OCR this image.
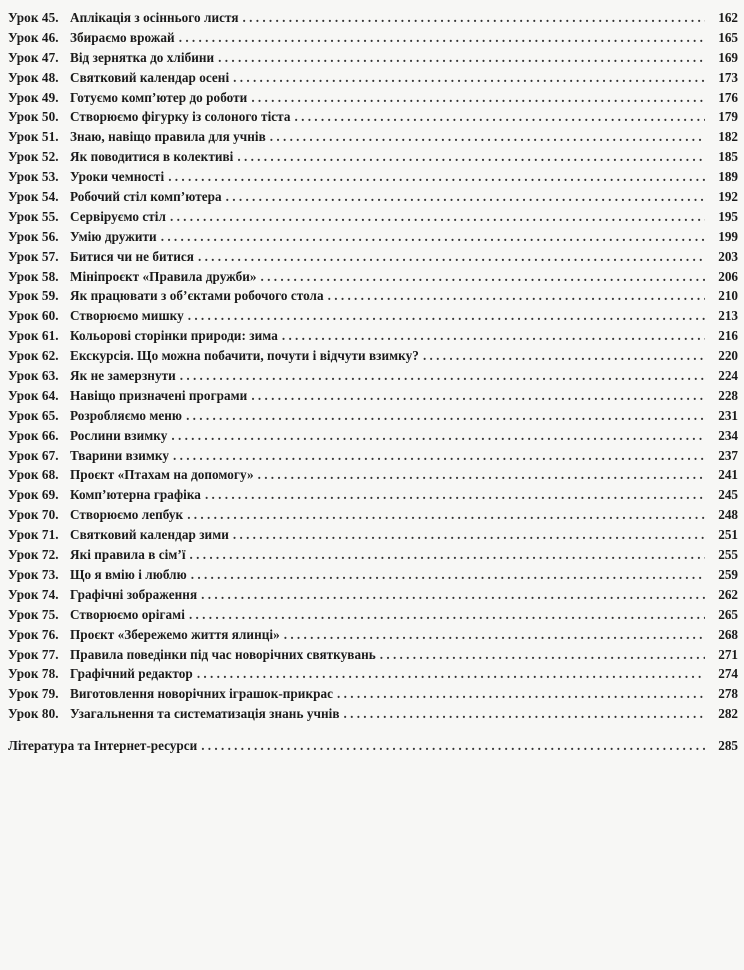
Урок 45. Аплікація з осіннього листя . . .	162
Урок 46. Збираємо врожай . . .	165
Урок 47. Від зернятка до хлібини . . .	169
Урок 48. Святковий календар осені . . .	173
Урок 49. Готуємо комп’ютер до роботи . . .	176
Урок 50. Створюємо фігурку із солоного тіста . . .	179
Урок 51. Знаю, навіщо правила для учнів . . .	182
Урок 52. Як поводитися в колективі . . .	185
Урок 53. Уроки чемності . . .	189
Урок 54. Робочий стіл комп’ютера . . .	192
Урок 55. Сервіруємо стіл . . .	195
Урок 56. Умію дружити . . .	199
Урок 57. Битися чи не битися . . .	203
Урок 58. Мініпроєкт «Правила дружби» . . .	206
Урок 59. Як працювати з об’єктами робочого стола . . .	210
Урок 60. Створюємо мишку . . .	213
Урок 61. Кольорові сторінки природи: зима . . .	216
Урок 62. Екскурсія. Що можна побачити, почути і відчути взимку? . . .	220
Урок 63. Як не замерзнути . . .	224
Урок 64. Навіщо призначені програми . . .	228
Урок 65. Розробляємо меню . . .	231
Урок 66. Рослини взимку . . .	234
Урок 67. Тварини взимку . . .	237
Урок 68. Проєкт «Птахам на допомогу» . . .	241
Урок 69. Комп’ютерна графіка . . .	245
Урок 70. Створюємо лепбук . . .	248
Урок 71. Святковий календар зими . . .	251
Урок 72. Які правила в сім’ї . . .	255
Урок 73. Що я вмію і люблю . . .	259
Урок 74. Графічні зображення . . .	262
Урок 75. Створюємо орігамі . . .	265
Урок 76. Проєкт «Збережемо життя ялинці» . . .	268
Урок 77. Правила поведінки під час новорічних святкувань . . .	271
Урок 78. Графічний редактор . . .	274
Урок 79. Виготовлення новорічних іграшок-прикрас . . .	278
Урок 80. Узагальнення та систематизація знань учнів . . .	282
Література та Інтернет-ресурси . . .	285
